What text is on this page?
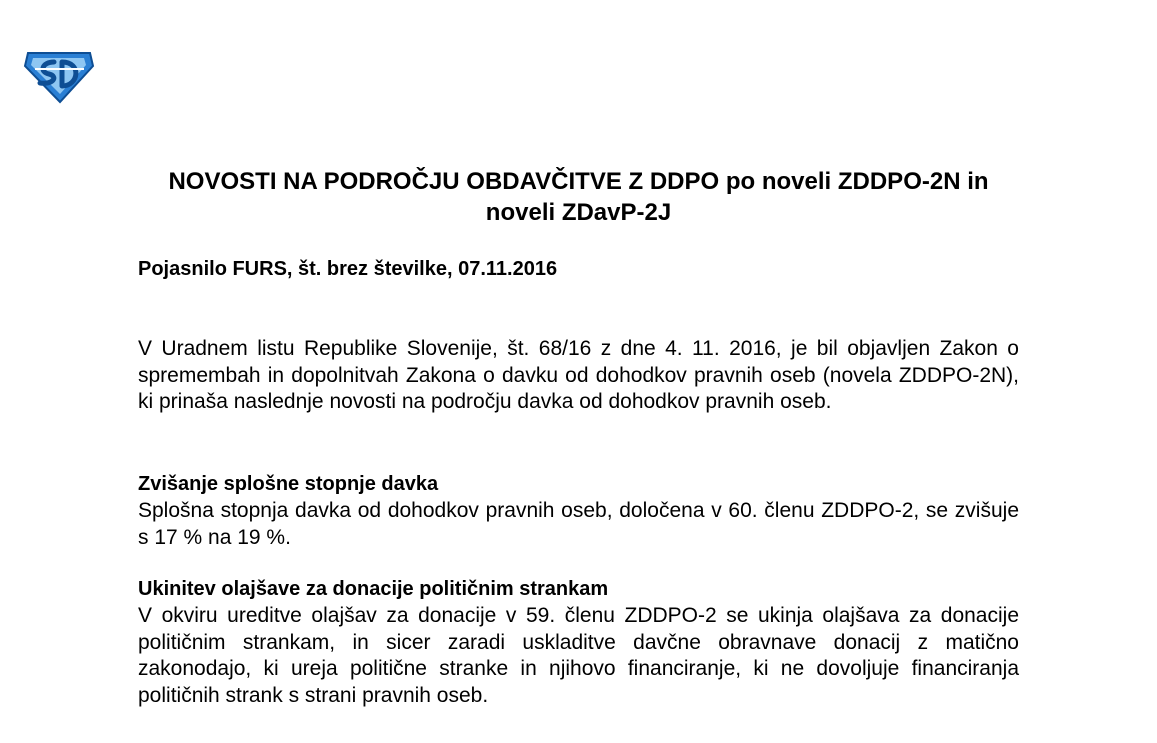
NOVOSTI NA PODROČJU OBDAVČITVE Z DDPO po noveli ZDDPO-2N in noveli ZDavP-2J

Pojasnilo FURS, št. brez številke, 07.11.2016

V Uradnem listu Republike Slovenije, št. 68/16 z dne 4. 11. 2016, je bil objavljen Zakon o spremembah in dopolnitvah Zakona o davku od dohodkov pravnih oseb (novela ZDDPO-2N), ki prinaša naslednje novosti na področju davka od dohodkov pravnih oseb.

Zvišanje splošne stopnje davka

Splošna stopnja davka od dohodkov pravnih oseb, določena v 60. členu ZDDPO-2, se zvišuje s 17 % na 19 %.

Ukinitev olajšave za donacije političnim strankam

V okviru ureditve olajšav za donacije v 59. členu ZDDPO-2 se ukinja olajšava za donacije političnim strankam, in sicer zaradi uskladitve davčne obravnave donacij z matično zakonodajo, ki ureja politične stranke in njihovo financiranje, ki ne dovoljuje financiranja političnih strank s strani pravnih oseb.
